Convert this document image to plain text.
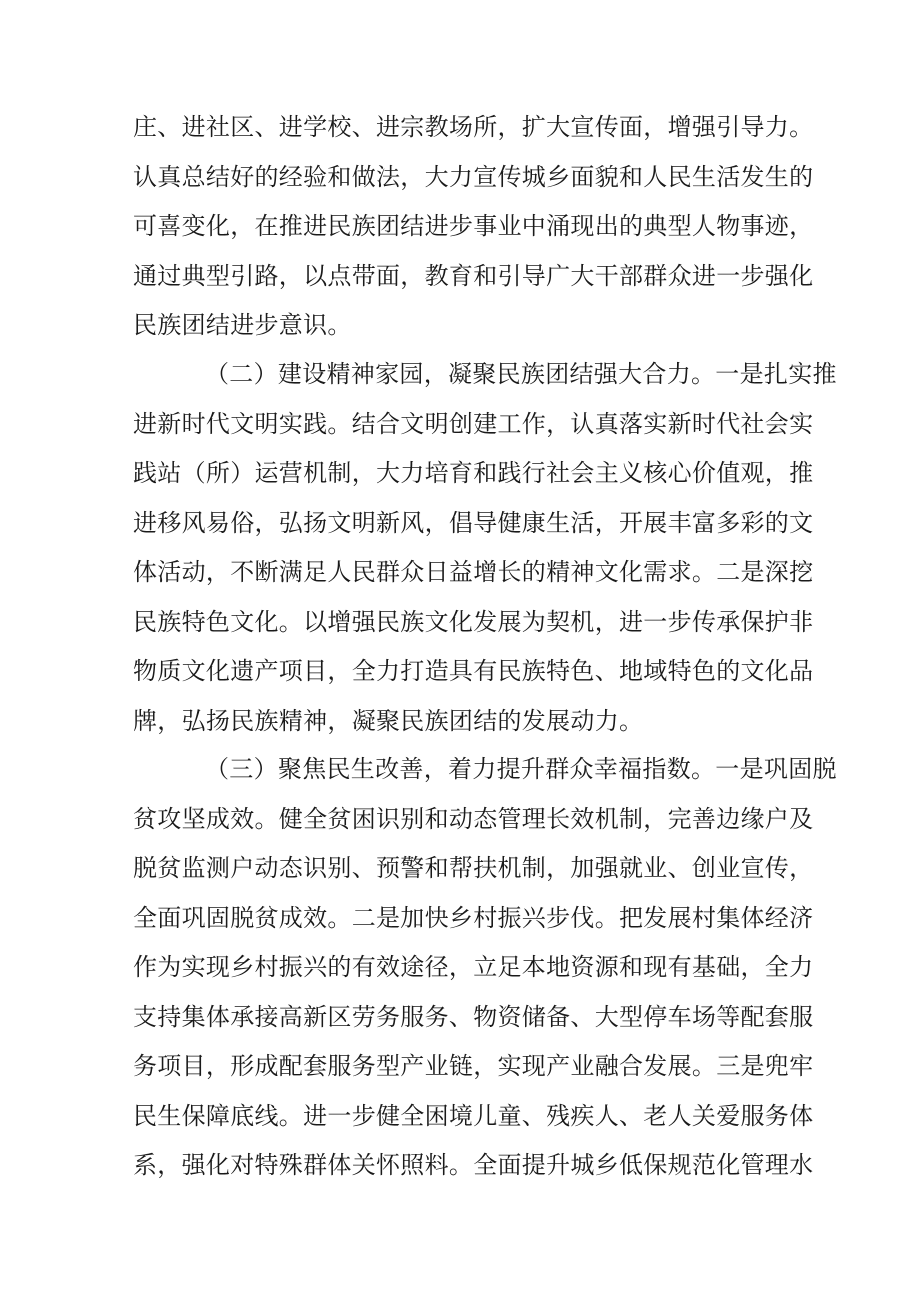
庄、进社区、进学校、进宗教场所，扩大宣传面，增强引导力。
认真总结好的经验和做法，大力宣传城乡面貌和人民生活发生的
可喜变化，在推进民族团结进步事业中涌现出的典型人物事迹，
通过典型引路，以点带面，教育和引导广大干部群众进一步强化
民族团结进步意识。
（二）建设精神家园，凝聚民族团结强大合力。一是扎实推
进新时代文明实践。结合文明创建工作，认真落实新时代社会实
践站（所）运营机制，大力培育和践行社会主义核心价值观，推
进移风易俗，弘扬文明新风，倡导健康生活，开展丰富多彩的文
体活动，不断满足人民群众日益增长的精神文化需求。二是深挖
民族特色文化。以增强民族文化发展为契机，进一步传承保护非
物质文化遗产项目，全力打造具有民族特色、地域特色的文化品
牌，弘扬民族精神，凝聚民族团结的发展动力。
（三）聚焦民生改善，着力提升群众幸福指数。一是巩固脱
贫攻坚成效。健全贫困识别和动态管理长效机制，完善边缘户及
脱贫监测户动态识别、预警和帮扶机制，加强就业、创业宣传，
全面巩固脱贫成效。二是加快乡村振兴步伐。把发展村集体经济
作为实现乡村振兴的有效途径，立足本地资源和现有基础，全力
支持集体承接高新区劳务服务、物资储备、大型停车场等配套服
务项目，形成配套服务型产业链，实现产业融合发展。三是兜牢
民生保障底线。进一步健全困境儿童、残疾人、老人关爱服务体
系，强化对特殊群体关怀照料。全面提升城乡低保规范化管理水
